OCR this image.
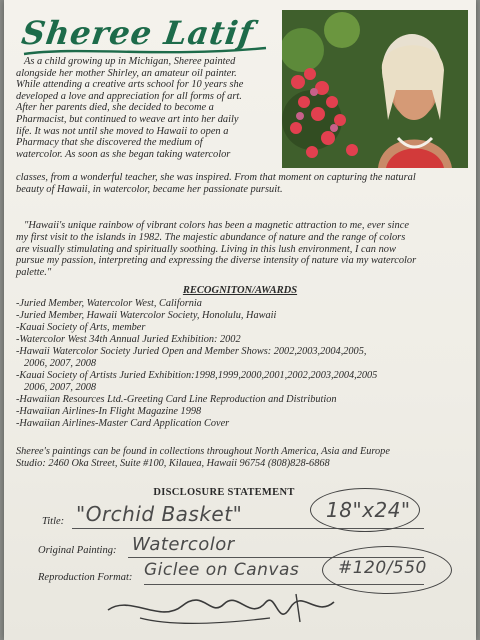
Sheree Latif
As a child growing up in Michigan, Sheree painted
alongside her mother Shirley, an amateur oil painter.
While attending a creative arts school for 10 years she
developed a love and appreciation for all forms of art.
After her parents died, she decided to become a
Pharmacist, but continued to weave art into her daily
life. It was not until she moved to Hawaii to open a
Pharmacy that she discovered the medium of
watercolor. As soon as she began taking watercolor
classes, from a wonderful teacher, she was inspired. From that moment on capturing the natural
beauty of Hawaii, in watercolor, became her passionate pursuit.
"Hawaii's unique rainbow of vibrant colors has been a magnetic attraction to me, ever since
my first visit to the islands in 1982. The majestic abundance of nature and the range of colors
are visually stimulating and spiritually soothing. Living in this lush environment, I can now
pursue my passion, interpreting and expressing the diverse intensity of nature via my watercolor
palette."
RECOGNITON/AWARDS
-Juried Member, Watercolor West, California
-Juried Member, Hawaii Watercolor Society, Honolulu, Hawaii
-Kauai Society of Arts, member
-Watercolor West 34th Annual Juried Exhibition: 2002
-Hawaii Watercolor Society Juried Open and Member Shows: 2002,2003,2004,2005,
2006, 2007, 2008
-Kauai Society of Artists Juried Exhibition:1998,1999,2000,2001,2002,2003,2004,2005
2006, 2007, 2008
-Hawaiian Resources Ltd.-Greeting Card Line Reproduction and Distribution
-Hawaiian Airlines-In Flight Magazine 1998
-Hawaiian Airlines-Master Card Application Cover
Sheree's paintings can be found in collections throughout North America, Asia and Europe
Studio: 2460 Oka Street, Suite #100, Kilauea, Hawaii 96754 (808)828-6868
DISCLOSURE STATEMENT
Title: "Orchid Basket"	18"x24"
Original Painting: Watercolor
Reproduction Format: Giclee on Canvas #120/550
